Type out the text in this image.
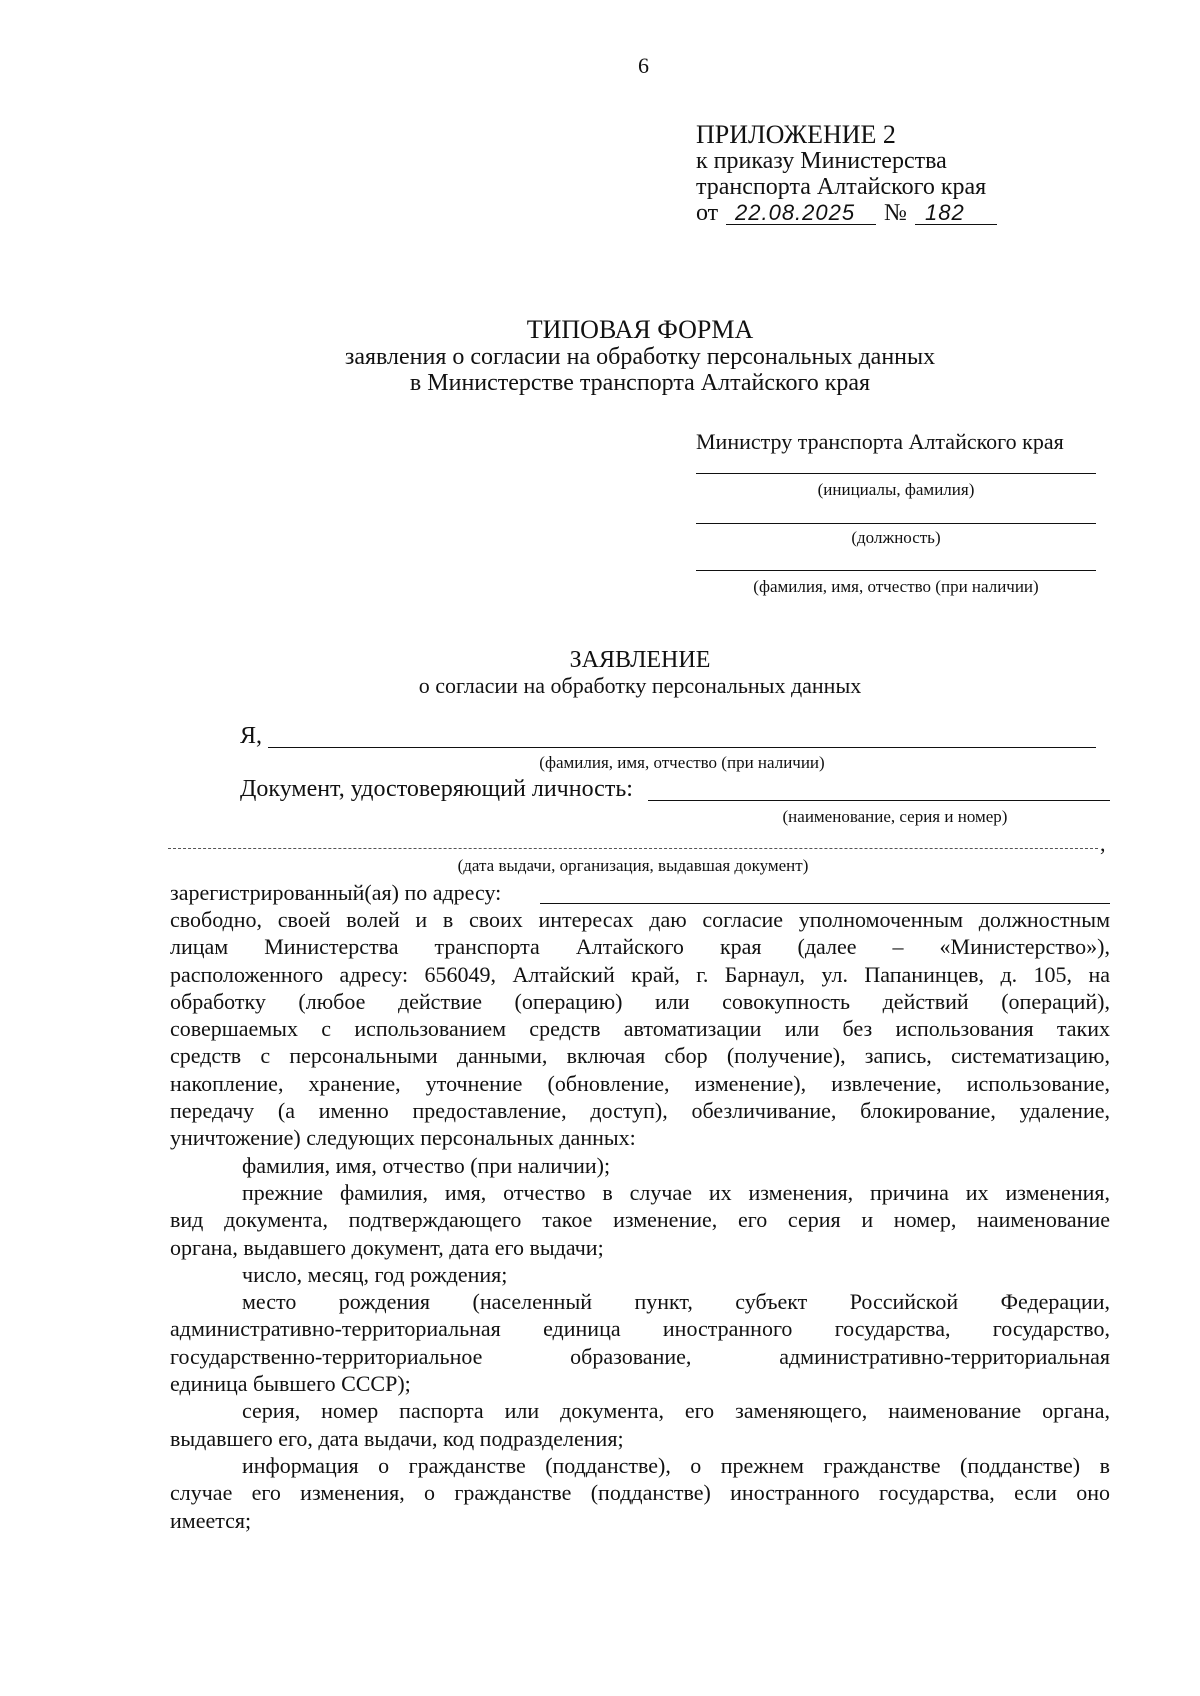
6
ПРИЛОЖЕНИЕ 2
к приказу Министерства
транспорта Алтайского края
от 22.08.2025 № 182
ТИПОВАЯ ФОРМА
заявления о согласии на обработку персональных данных
в Министерстве транспорта Алтайского края
Министру транспорта Алтайского края
(инициалы, фамилия)
(должность)
(фамилия, имя, отчество (при наличии)
ЗАЯВЛЕНИЕ
о согласии на обработку персональных данных
Я,
(фамилия, имя, отчество (при наличии)
Документ, удостоверяющий личность:
(наименование, серия и номер)
,
(дата выдачи, организация, выдавшая документ)
зарегистрированный(ая) по адресу:

свободно, своей волей и в своих интересах даю согласие уполномоченным должностным

лицам Министерства транспорта Алтайского края (далее – «Министерство»),

расположенного адресу: 656049, Алтайский край, г. Барнаул, ул. Папанинцев, д. 105, на

обработку (любое действие (операцию) или совокупность действий (операций),

совершаемых с использованием средств автоматизации или без использования таких

средств с персональными данными, включая сбор (получение), запись, систематизацию,

накопление, хранение, уточнение (обновление, изменение), извлечение, использование,

передачу (а именно предоставление, доступ), обезличивание, блокирование, удаление,

уничтожение) следующих персональных данных:

фамилия, имя, отчество (при наличии);

прежние фамилия, имя, отчество в случае их изменения, причина их изменения,

вид документа, подтверждающего такое изменение, его серия и номер, наименование

органа, выдавшего документ, дата его выдачи;

число, месяц, год рождения;

место рождения (населенный пункт, субъект Российской Федерации,

административно-территориальная единица иностранного государства, государство,

государственно-территориальное образование, административно-территориальная

единица бывшего СССР);

серия, номер паспорта или документа, его заменяющего, наименование органа,

выдавшего его, дата выдачи, код подразделения;

информация о гражданстве (подданстве), о прежнем гражданстве (подданстве) в

случае его изменения, о гражданстве (подданстве) иностранного государства, если оно

имеется;
